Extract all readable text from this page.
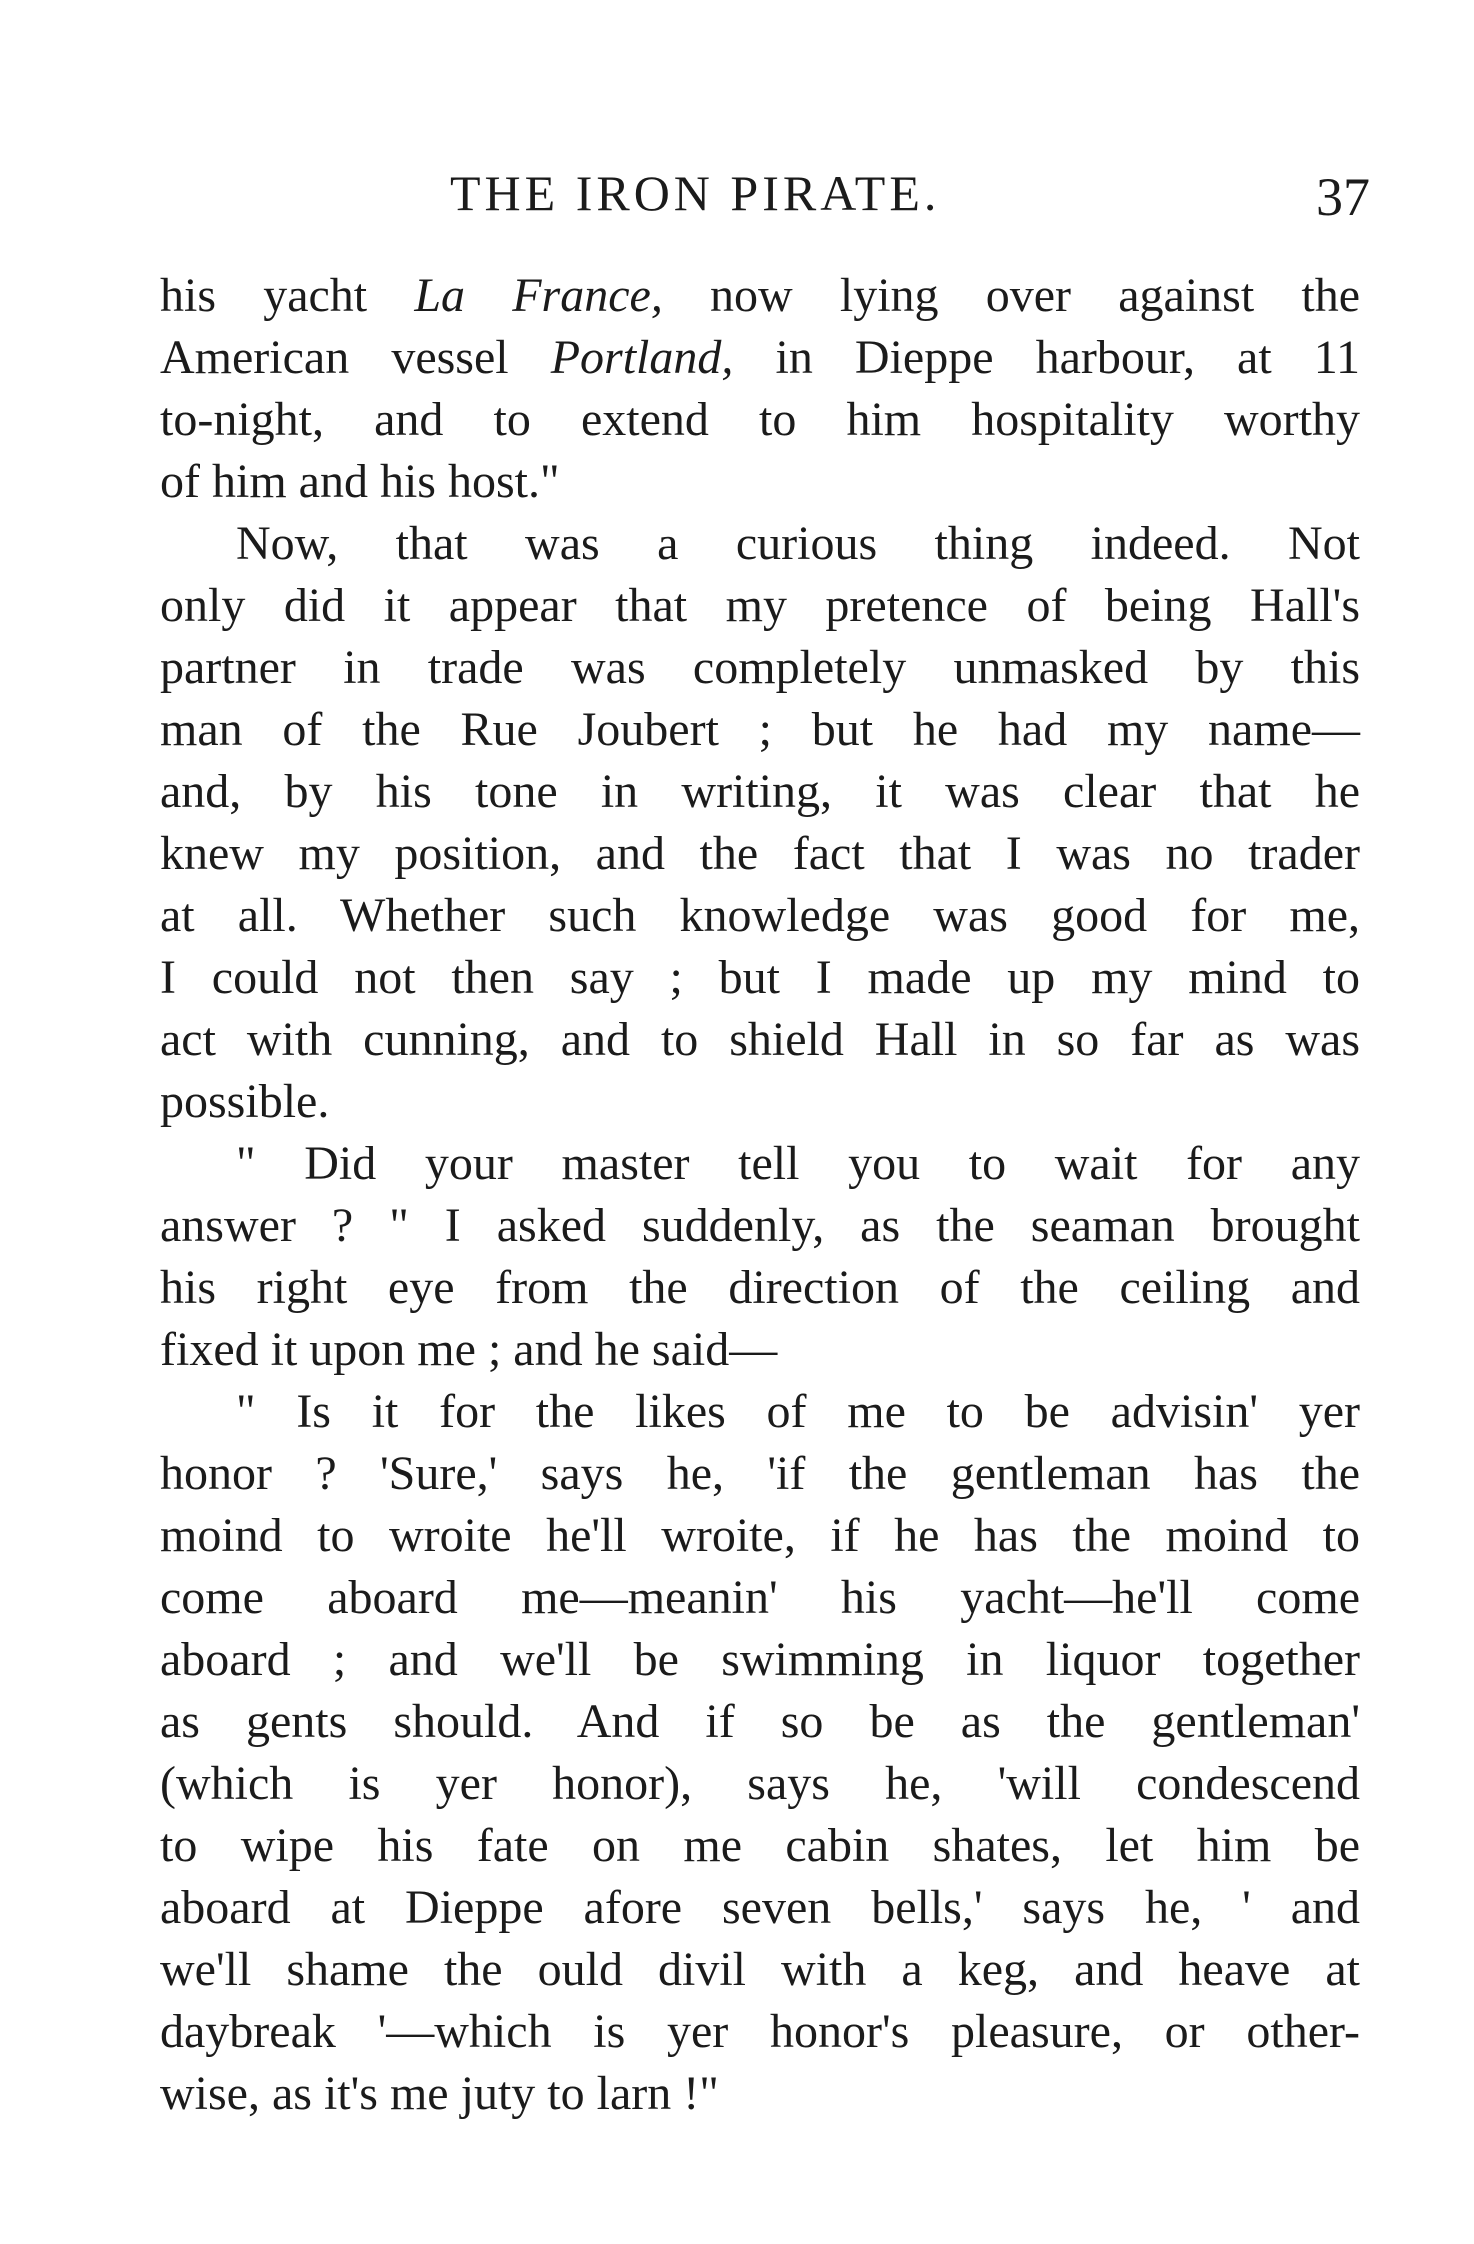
THE IRON PIRATE.	37
his yacht La France, now lying over against the
American vessel Portland, in Dieppe harbour, at 11
to-night, and to extend to him hospitality worthy
of him and his host."
Now, that was a curious thing indeed. Not
only did it appear that my pretence of being Hall's
partner in trade was completely unmasked by this
man of the Rue Joubert ; but he had my name—
and, by his tone in writing, it was clear that he
knew my position, and the fact that I was no trader
at all. Whether such knowledge was good for me,
I could not then say ; but I made up my mind to
act with cunning, and to shield Hall in so far as was
possible.
" Did your master tell you to wait for any
answer ? " I asked suddenly, as the seaman brought
his right eye from the direction of the ceiling and
fixed it upon me ; and he said—
" Is it for the likes of me to be advisin' yer
honor ? 'Sure,' says he, 'if the gentleman has the
moind to wroite he'll wroite, if he has the moind to
come aboard me—meanin' his yacht—he'll come
aboard ; and we'll be swimming in liquor together
as gents should. And if so be as the gentleman'
(which is yer honor), says he, 'will condescend
to wipe his fate on me cabin shates, let him be
aboard at Dieppe afore seven bells,' says he, ' and
we'll shame the ould divil with a keg, and heave at
daybreak '—which is yer honor's pleasure, or other-
wise, as it's me juty to larn !"
